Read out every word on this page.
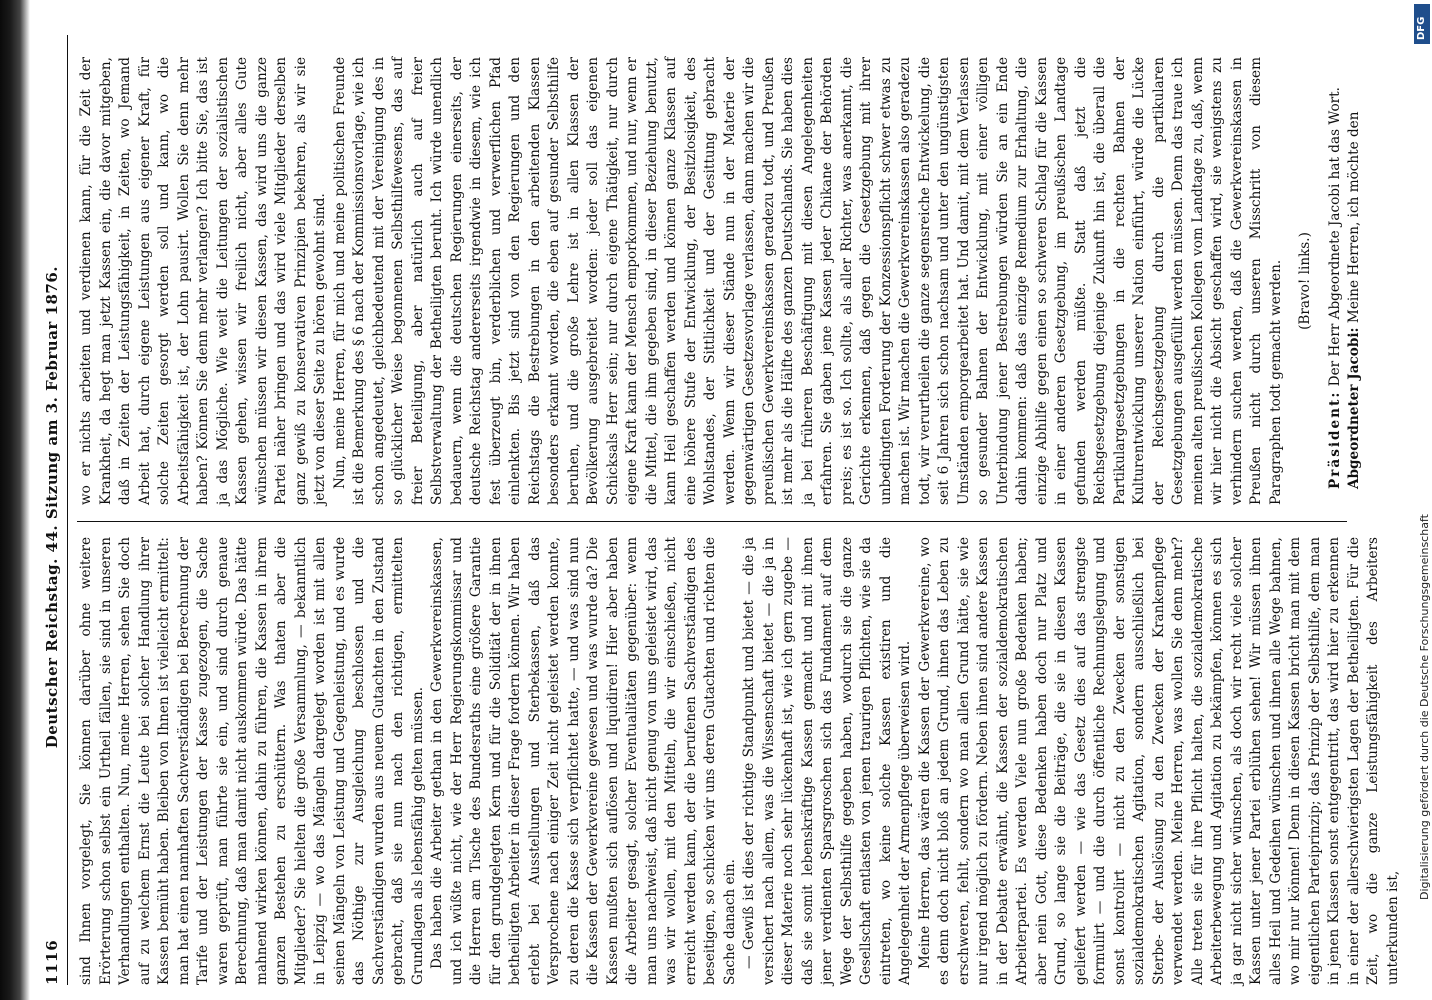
1116
Deutscher Reichstag. 44. Sitzung am 3. Februar 1876.

sind Ihnen vorgelegt, Sie können darüber ohne weitere Erörterung schon selbst ein Urtheil fällen, sie sind in unseren Verhandlungen enthalten. Nun, meine Herren, sehen Sie doch auf zu welchem Ernst die Leute bei solcher Handlung ihrer Kassen bemüht haben. Bleiben von Ihnen ist vielleicht ermittelt: man hat einen namhaften Sachverständigen bei Berechnung der Tarife und der Leistungen der Kasse zugezogen, die Sache waren geprüft, man führte sie ein, und sind durch genaue Berechnung, daß man damit nicht auskommen würde. Das hätte mahnend wirken können, dahin zu führen, die Kassen in ihrem ganzen Bestehen zu erschüttern. Was thaten aber die Mitglieder? Sie hielten die große Versammlung, — bekanntlich in Leipzig — wo das Mängeln dargelegt worden ist mit allen seinen Mängeln von Leistung und Gegenleistung, und es wurde das Nöthige zur Ausgleichung beschlossen und die Sachverständigen wurden aus neuem Gutachten in den Zustand gebracht, daß sie nun nach den richtigen, ermittelten Grundlagen als lebensfähig gelten müssen. Das haben die Arbeiter gethan in den Gewerkvereinskassen, und ich wüßte nicht, wie der Herr Regierungskommissar und die Herren am Tische des Bundesraths eine größere Garantie für den grundgelegten Kern und für die Solidität der in ihnen betheiligten Arbeiter in dieser Frage fordern können. Wir haben erlebt bei Ausstellungen und Sterbekassen, daß das Versprochene nach einiger Zeit nicht geleistet werden konnte, zu deren die Kasse sich verpflichtet hatte, — und was sind nun die Kassen der Gewerkvereine gewesen und was wurde da? Die Kassen mußten sich auflösen und liquidiren! Hier aber haben die Arbeiter gesagt, solcher Eventualitäten gegenüber: wenn man uns nachweist, daß nicht genug von uns geleistet wird, das was wir wollen, mit den Mitteln, die wir einschießen, nicht erreicht werden kann, der die berufenen Sachverständigen des beseitigen, so schicken wir uns deren Gutachten und richten die Sache danach ein. — Gewiß ist dies der richtige Standpunkt und bietet — die ja versichert nach allem, was die Wissenschaft bietet — die ja in dieser Materie noch sehr lückenhaft ist, wie ich gern zugebe — daß sie somit lebenskräftige Kassen gemacht und mit ihnen jener verdienten Sparsgroschen sich das Fundament auf dem Wege der Selbsthilfe gegeben haben, wodurch sie die ganze Gesellschaft entlasten von jenen traurigen Pflichten, wie sie da eintreten, wo keine solche Kassen existiren und die Angelegenheit der Armenpflege überweisen wird. Meine Herren, das wären die Kassen der Gewerkvereine, wo es denn doch nicht bloß an jedem Grund, ihnen das Leben zu erschweren, fehlt, sondern wo man allen Grund hätte, sie wie nur irgend möglich zu fördern. Neben ihnen sind andere Kassen in der Debatte erwähnt, die Kassen der sozialdemokratischen Arbeiterpartei. Es werden Viele nun große Bedenken haben; aber nein Gott, diese Bedenken haben doch nur Platz und Grund, so lange sie die Beiträge, die sie in diesen Kassen geliefert werden — wie das Gesetz dies auf das strengste formulirt — und die durch öffentliche Rechnungslegung und sonst kontrolirt — nicht zu den Zwecken der sonstigen sozialdemokratischen Agitation, sondern ausschließlich bei Sterbe- der Auslösung zu den Zwecken der Krankenpflege verwendet werden. Meine Herren, was wollen Sie denn mehr? Alle treten sie für ihre Pflicht halten, die sozialdemokratische Arbeiterbewegung und Agitation zu bekämpfen, können es sich ja gar nicht sicher wünschen, als doch wir recht viele solcher Kassen unter jener Partei erblühen sehen! Wir müssen ihnen alles Heil und Gedeihen wünschen und ihnen alle Wege bahnen, wo mir nur können! Denn in diesen Kassen bricht man mit dem eigentlichen Parteiprinzip; das Prinzip der Selbsthilfe, dem man in jenen Klassen sonst entgegentritt, das wird hier zu erkennen in einer der allerschwierigsten Lagen der Betheiligten. Für die Zeit, wo die ganze Leistungsfähigkeit des Arbeiters unterkunden ist,

wo er nichts arbeiten und verdienen kann, für die Zeit der Krankheit, da hegt man jetzt Kassen ein, die davor mitgeben, daß in Zeiten der Leistungsfähigkeit, in Zeiten, wo Jemand Arbeit hat, durch eigene Leistungen aus eigener Kraft, für solche Zeiten gesorgt werden soll und kann, wo die Arbeitsfähigkeit ist, der Lohn pausirt. Wollen Sie denn mehr haben? Können Sie denn mehr verlangen? Ich bitte Sie, das ist ja das Mögliche. Wie weit die Leitungen der sozialistischen Kassen gehen, wissen wir freilich nicht, aber alles Gute wünschen müssen wir diesen Kassen, das wird uns die ganze Partei näher bringen und das wird viele Mitglieder derselben ganz gewiß zu konservativen Prinzipien bekehren, als wir sie jetzt von dieser Seite zu hören gewohnt sind. Nun, meine Herren, für mich und meine politischen Freunde ist die Bemerkung des § 6 nach der Kommissionsvorlage, wie ich schon angedeutet, gleichbedeutend mit der Vereinigung des in so glücklicher Weise begonnenen Selbsthilfewesens, das auf freier Beteiligung, aber natürlich auch auf freier Selbstverwaltung der Betheiligten beruht. Ich würde unendlich bedauern, wenn die deutschen Regierungen einerseits, der deutsche Reichstag andererseits irgendwie in diesem, wie ich fest überzeugt bin, verderblichen und verwerflichen Pfad einlenkten. Bis jetzt sind von den Regierungen und den Reichstags die Bestrebungen in den arbeitenden Klassen besonders erkannt worden, die eben auf gesunder Selbsthilfe beruhen, und die große Lehre ist in allen Klassen der Bevölkerung ausgebreitet worden: jeder soll das eigenen Schicksals Herr sein; nur durch eigene Thätigkeit, nur durch eigene Kraft kann der Mensch emporkommen, und nur, wenn er die Mittel, die ihm gegeben sind, in dieser Beziehung benutzt, kann Heil geschaffen werden und können ganze Klassen auf eine höhere Stufe der Entwicklung, der Besitzlosigkeit, des Wohlstandes, der Sittlichkeit und der Gesittung gebracht werden. Wenn wir dieser Stände nun in der Materie der gegenwärtigen Gesetzesvorlage verlassen, dann machen wir die preußischen Gewerkvereinskassen geradezu todt, und Preußen ist mehr als die Hälfte des ganzen Deutschlands. Sie haben dies ja bei früheren Beschäftigung mit diesen Angelegenheiten erfahren. Sie gaben jene Kassen jeder Chikane der Behörden preis; es ist so. Ich sollte, als aller Richter, was anerkannt, die Gerichte erkennen, daß gegen die Gesetzgebung mit ihrer unbedingten Forderung der Konzessionspflicht schwer etwas zu machen ist. Wir machen die Gewerkvereinskassen also geradezu todt, wir verurtheilen die ganze segensreiche Entwickelung, die seit 6 Jahren sich schon nachsam und unter den ungünstigsten Umständen emporgearbeitet hat. Und damit, mit dem Verlassen so gesunder Bahnen der Entwicklung, mit einer völligen Unterbindung jener Bestrebungen würden Sie an ein Ende dahin kommen: daß das einzige Remedium zur Erhaltung, die einzige Abhilfe gegen einen so schweren Schlag für die Kassen in einer anderen Gesetzgebung, im preußischen Landtage gefunden werden müßte. Statt daß jetzt die Reichsgesetzgebung diejenige Zukunft hin ist, die überall die Partikulargesetzgebungen in die rechten Bahnen der Kulturentwicklung unserer Nation einführt, würde die Lücke der Reichsgesetzgebung durch die partikularen Gesetzgebungen ausgefüllt werden müssen. Denn das traue ich meinen alten preußischen Kollegen vom Landtage zu, daß, wenn wir hier nicht die Absicht geschaffen wird, sie wenigstens zu verhindern suchen werden, daß die Gewerkvereinskassen in Preußen nicht durch unseren Misschritt von diesem Paragraphen todt gemacht werden. (Bravo! links.)

Präsident: Der Herr Abgeordnete Jacobi hat das Wort.

Abgeordneter Jacobi: Meine Herren, ich möchte den

DFG
Digitalisierung gefördert durch die Deutsche Forschungsgemeinschaft
